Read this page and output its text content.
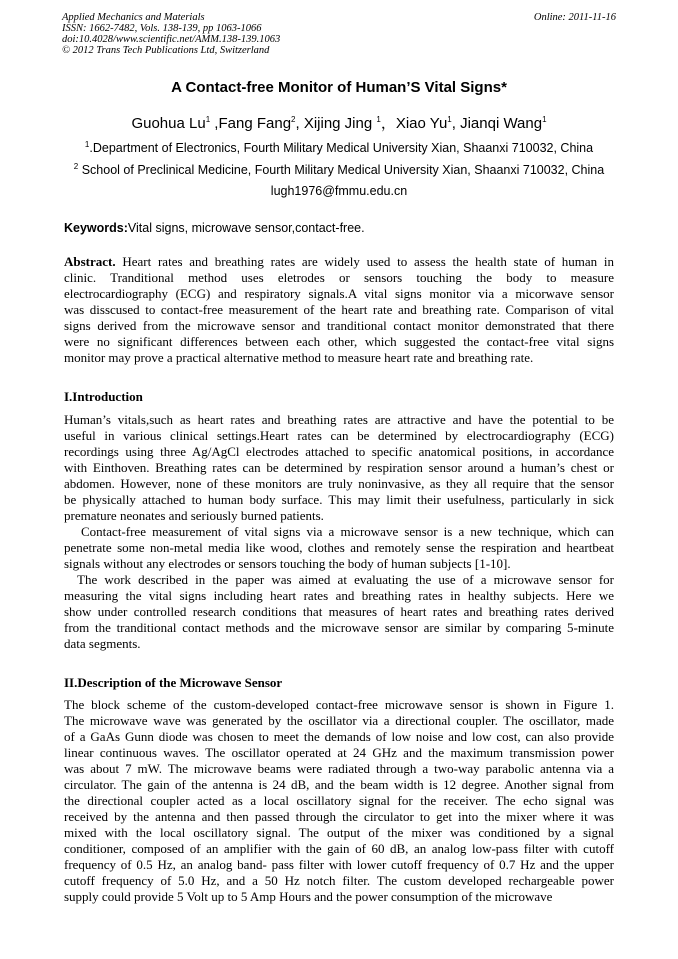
Applied Mechanics and Materials
ISSN: 1662-7482, Vols. 138-139, pp 1063-1066
doi:10.4028/www.scientific.net/AMM.138-139.1063
© 2012 Trans Tech Publications Ltd, Switzerland
Online: 2011-11-16
A Contact-free Monitor of Human’S Vital Signs*
Guohua Lu$^1$ ,Fang Fang$^2$, Xijing Jing $^1$，Xiao Yu$^1$, Jianqi Wang$^1$
$^1$.Department of Electronics, Fourth Military Medical University Xian, Shaanxi 710032, China
$^2$ School of Preclinical Medicine, Fourth Military Medical University Xian, Shaanxi 710032, China
lugh1976@fmmu.edu.cn
Keywords:Vital signs, microwave sensor,contact-free.
Abstract. Heart rates and breathing rates are widely used to assess the health state of human in
clinic. Tranditional method uses eletrodes or sensors touching the body to measure
electrocardiography (ECG) and respiratory signals.A vital signs monitor via a micorwave sensor
was disscused to contact-free measurement of the heart rate and breathing rate. Comparison of vital
signs derived from the microwave sensor and tranditional contact monitor demonstrated that there
were no significant differences between each other, which suggested the contact-free vital signs
monitor may prove a practical alternative method to measure heart rate and breathing rate.
I.Introduction
Human’s vitals,such as heart rates and breathing rates are attractive and have the potential to be
useful in various clinical settings.Heart rates can be determined by electrocardiography (ECG)
recordings using three Ag/AgCl electrodes attached to specific anatomical positions, in accordance
with Einthoven. Breathing rates can be determined by respiration sensor around a human’s chest or
abdomen. However, none of these monitors are truly noninvasive, as they all require that the sensor
be physically attached to human body surface. This may limit their usefulness, particularly in sick
premature neonates and seriously burned patients.
Contact-free measurement of vital signs via a microwave sensor is a new technique, which can
penetrate some non-metal media like wood, clothes and remotely sense the respiration and heartbeat
signals without any electrodes or sensors touching the body of human subjects [1-10].
The work described in the paper was aimed at evaluating the use of a microwave sensor for
measuring the vital signs including heart rates and breathing rates in healthy subjects. Here we
show under controlled research conditions that measures of heart rates and breathing rates derived
from the tranditional contact methods and the microwave sensor are similar by comparing 5-minute
data segments.
II.Description of the Microwave Sensor
The block scheme of the custom-developed contact-free microwave sensor is shown in Figure 1.
The microwave wave was generated by the oscillator via a directional coupler. The oscillator, made
of a GaAs Gunn diode was chosen to meet the demands of low noise and low cost, can also provide
linear continuous waves. The oscillator operated at 24 GHz and the maximum transmission power
was about 7 mW. The microwave beams were radiated through a two-way parabolic antenna via a
circulator. The gain of the antenna is 24 dB, and the beam width is 12 degree. Another signal from
the directional coupler acted as a local oscillatory signal for the receiver. The echo signal was
received by the antenna and then passed through the circulator to get into the mixer where it was
mixed with the local oscillatory signal. The output of the mixer was conditioned by a signal
conditioner, composed of an amplifier with the gain of 60 dB, an analog low-pass filter with cutoff
frequency of 0.5 Hz, an analog band- pass filter with lower cutoff frequency of 0.7 Hz and the upper
cutoff frequency of 5.0 Hz, and a 50 Hz notch filter. The custom developed rechargeable power
supply could provide 5 Volt up to 5 Amp Hours and the power consumption of the microwave
